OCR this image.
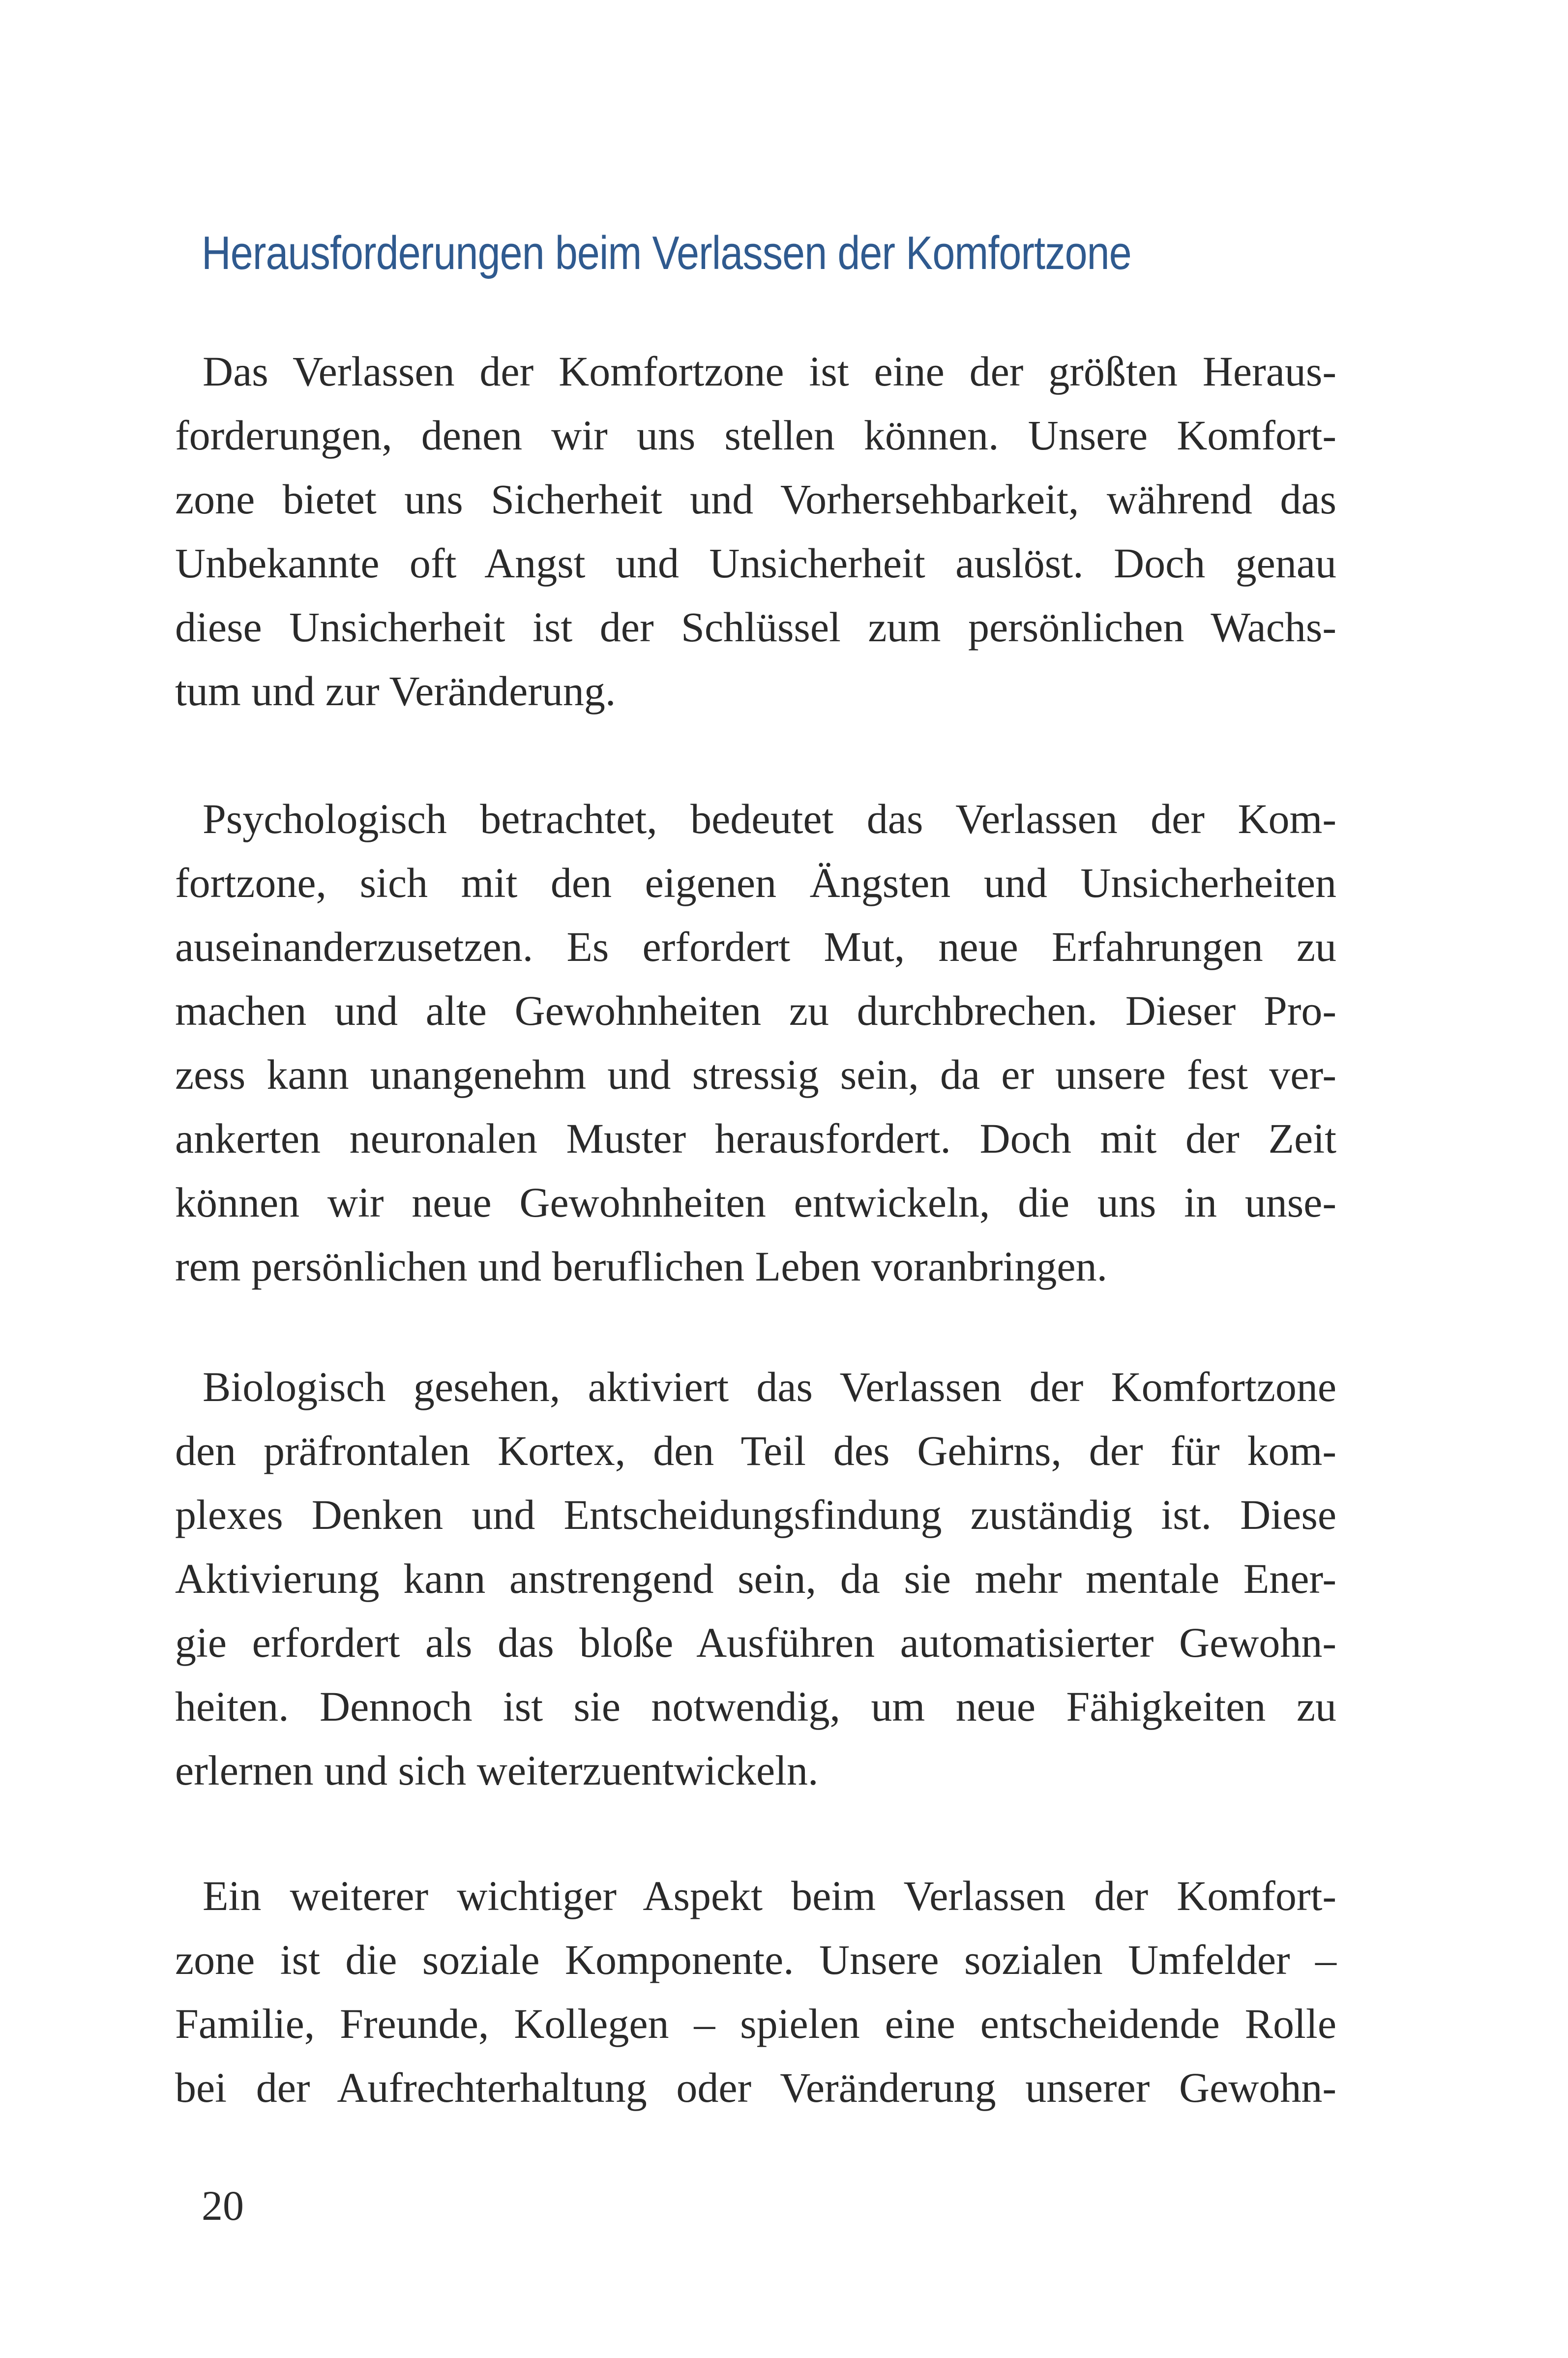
Herausforderungen beim Verlassen der Komfortzone
Das Verlassen der Komfortzone ist eine der größten Heraus-
forderungen, denen wir uns stellen können. Unsere Komfort-
zone bietet uns Sicherheit und Vorhersehbarkeit, während das
Unbekannte oft Angst und Unsicherheit auslöst. Doch genau
diese Unsicherheit ist der Schlüssel zum persönlichen Wachs-
tum und zur Veränderung.
Psychologisch betrachtet, bedeutet das Verlassen der Kom-
fortzone, sich mit den eigenen Ängsten und Unsicherheiten
auseinanderzusetzen. Es erfordert Mut, neue Erfahrungen zu
machen und alte Gewohnheiten zu durchbrechen. Dieser Pro-
zess kann unangenehm und stressig sein, da er unsere fest ver-
ankerten neuronalen Muster herausfordert. Doch mit der Zeit
können wir neue Gewohnheiten entwickeln, die uns in unse-
rem persönlichen und beruflichen Leben voranbringen.
Biologisch gesehen, aktiviert das Verlassen der Komfortzone
den präfrontalen Kortex, den Teil des Gehirns, der für kom-
plexes Denken und Entscheidungsfindung zuständig ist. Diese
Aktivierung kann anstrengend sein, da sie mehr mentale Ener-
gie erfordert als das bloße Ausführen automatisierter Gewohn-
heiten. Dennoch ist sie notwendig, um neue Fähigkeiten zu
erlernen und sich weiterzuentwickeln.
Ein weiterer wichtiger Aspekt beim Verlassen der Komfort-
zone ist die soziale Komponente. Unsere sozialen Umfelder –
Familie, Freunde, Kollegen – spielen eine entscheidende Rolle
bei der Aufrechterhaltung oder Veränderung unserer Gewohn-
20
